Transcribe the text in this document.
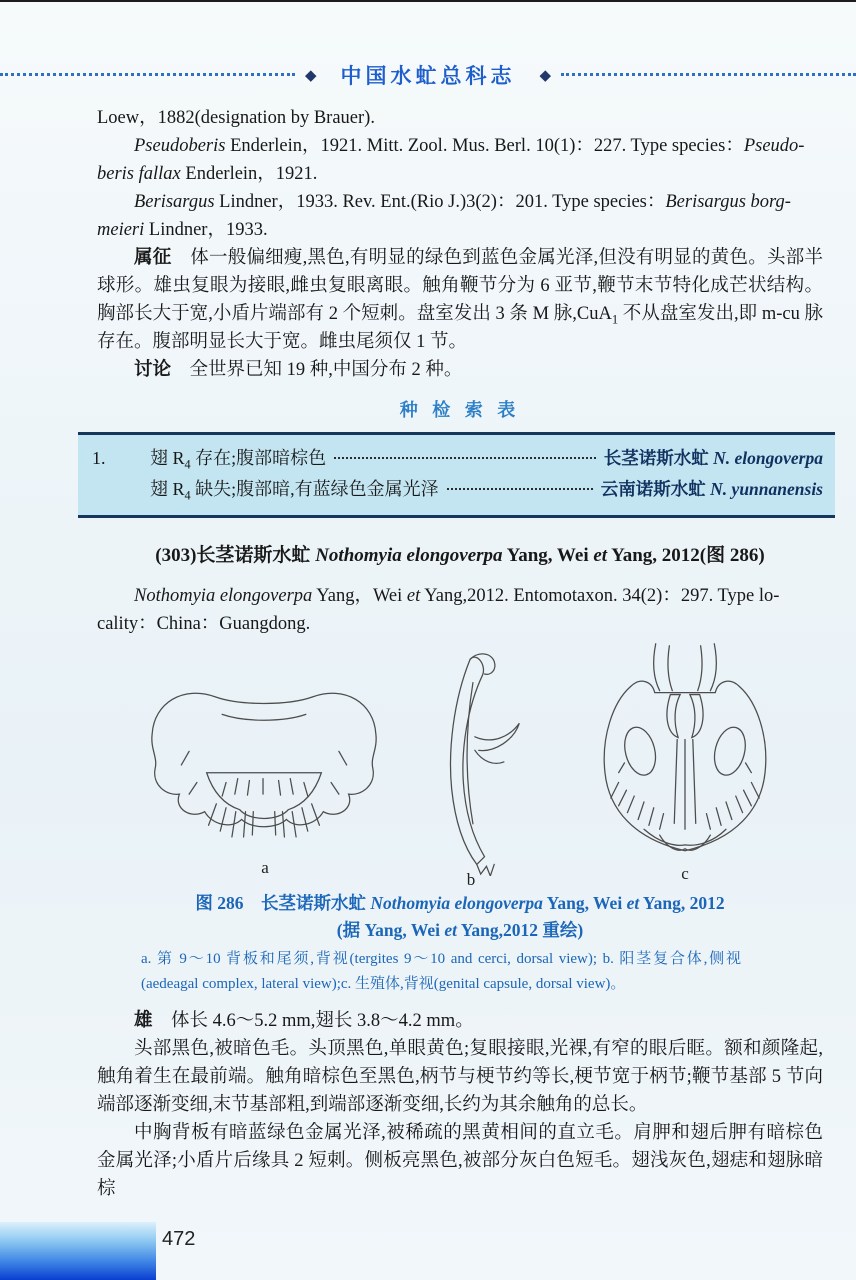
◆	中国水虻总科志	◆
Loew，1882(designation by Brauer).
Pseudoberis Enderlein，1921. Mitt. Zool. Mus. Berl. 10(1)：227. Type species：Pseudo-
beris fallax Enderlein，1921.
Berisargus Lindner，1933. Rev. Ent.(Rio J.)3(2)：201. Type species：Berisargus borg-
meieri Lindner，1933.

属征　体一般偏细瘦,黑色,有明显的绿色到蓝色金属光泽,但没有明显的黄色。头部半球形。雄虫复眼为接眼,雌虫复眼离眼。触角鞭节分为 6 亚节,鞭节末节特化成芒状结构。胸部长大于宽,小盾片端部有 2 个短刺。盘室发出 3 条 M 脉,CuA$_1$ 不从盘室发出,即 m-cu 脉存在。腹部明显长大于宽。雌虫尾须仅 1 节。

讨论　全世界已知 19 种,中国分布 2 种。

种 检 索 表
1.	翅 $R_4$ 存在;腹部暗棕色	长茎诺斯水虻 N. elongoverpa
翅 $R_4$ 缺失;腹部暗,有蓝绿色金属光泽	云南诺斯水虻 N. yunnanensis
(303)长茎诺斯水虻 Nothomyia elongoverpa Yang, Wei et Yang, 2012(图 286)
Nothomyia elongoverpa Yang，Wei et Yang,2012. Entomotaxon. 34(2)：297. Type lo-
cality：China：Guangdong.
a
b	c
图 286　长茎诺斯水虻 Nothomyia elongoverpa Yang, Wei et Yang, 2012
(据 Yang, Wei et Yang,2012 重绘)
a. 第 9～10 背板和尾须,背视(tergites 9～10 and cerci, dorsal view); b. 阳茎复合体,侧视(aedeagal complex, lateral view);c. 生殖体,背视(genital capsule, dorsal view)。

雄　体长 4.6～5.2 mm,翅长 3.8～4.2 mm。

头部黑色,被暗色毛。头顶黑色,单眼黄色;复眼接眼,光裸,有窄的眼后眶。额和颜隆起,触角着生在最前端。触角暗棕色至黑色,柄节与梗节约等长,梗节宽于柄节;鞭节基部 5 节向端部逐渐变细,末节基部粗,到端部逐渐变细,长约为其余触角的总长。

中胸背板有暗蓝绿色金属光泽,被稀疏的黑黄相间的直立毛。肩胛和翅后胛有暗棕色金属光泽;小盾片后缘具 2 短刺。侧板亮黑色,被部分灰白色短毛。翅浅灰色,翅痣和翅脉暗棕

472
